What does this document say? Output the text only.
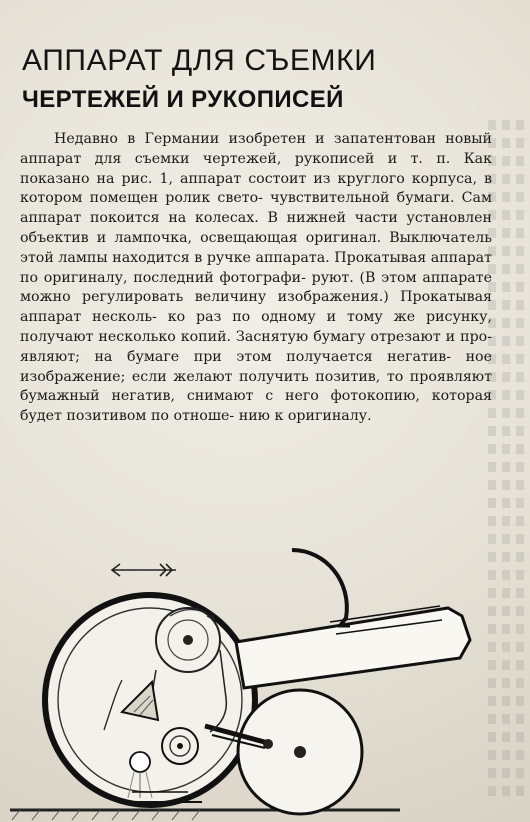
АППАРАТ ДЛЯ СЪЕМКИ
ЧЕРТЕЖЕЙ И РУКОПИСЕЙ
Недавно в Германии изобретен и запатентован новый аппарат для съемки чертежей, рукописей и т. п. Как показано на рис. 1, аппарат состоит из круглого корпуса, в котором помещен ролик свето- чувствительной бумаги. Сам аппарат покоится на колесах. В нижней части установлен объектив и лампочка, освещающая оригинал. Выключатель этой лампы находится в ручке аппарата. Прокатывая аппарат по оригиналу, последний фотографи- руют. (В этом аппарате можно регулировать величину изображения.) Прокатывая аппарат несколь- ко раз по одному и тому же рисунку, получают несколько копий. Заснятую бумагу отрезают и про- являют; на бумаге при этом получается негатив- ное изображение; если желают получить позитив, то проявляют бумажный негатив, снимают с него фотокопию, которая будет позитивом по отноше- нию к оригиналу.
